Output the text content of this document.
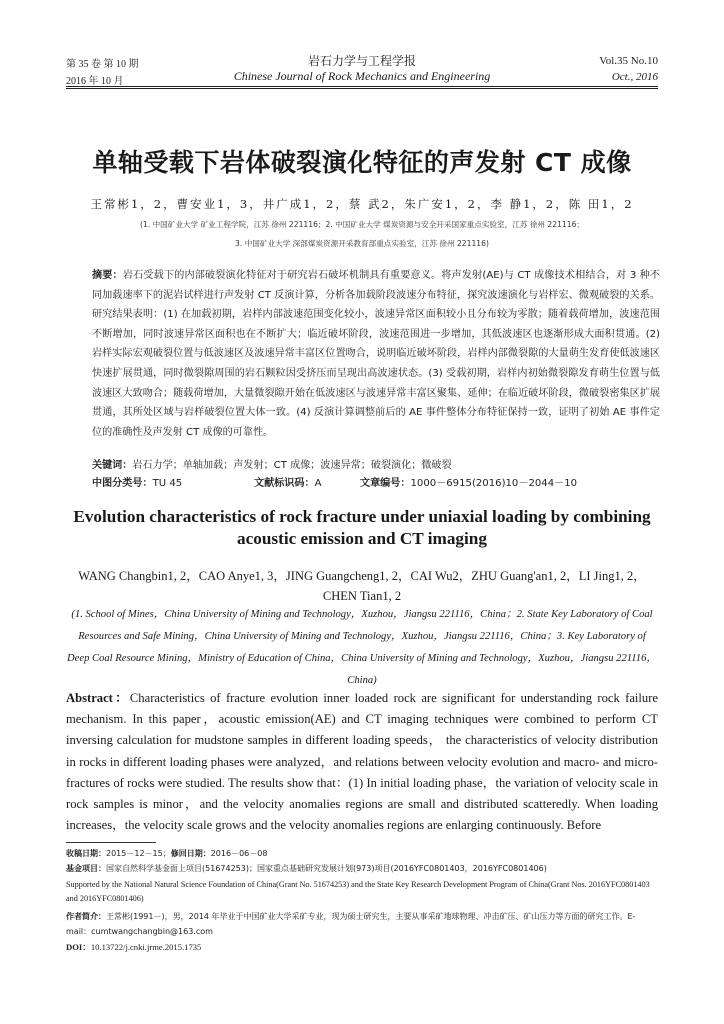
第 35 卷 第 10 期
2016 年 10 月
岩石力学与工程学报
Chinese Journal of Rock Mechanics and Engineering
Vol.35 No.10
Oct., 2016
单轴受载下岩体破裂演化特征的声发射 CT 成像
王常彬1，2，曹安业1，3，井广成1，2，蔡 武2，朱广安1，2，李 静1，2，陈 田1，2
(1. 中国矿业大学 矿业工程学院，江苏 徐州 221116；2. 中国矿业大学 煤炭资源与安全开采国家重点实验室，江苏 徐州 221116；
3. 中国矿业大学 深部煤炭资源开采教育部重点实验室，江苏 徐州 221116)
摘要：岩石受载下的内部破裂演化特征对于研究岩石破坏机制具有重要意义。将声发射(AE)与 CT 成像技术相结合，对 3 种不同加载速率下的泥岩试样进行声发射 CT 反演计算，分析各加载阶段波速分布特征，探究波速演化与岩样宏、微观破裂的关系。研究结果表明：(1) 在加载初期，岩样内部波速范围变化较小，波速异常区面积较小且分布较为零散；随着载荷增加，波速范围不断增加，同时波速异常区面积也在不断扩大；临近破坏阶段，波速范围进一步增加，其低波速区也逐渐形成大面积贯通。(2) 岩样实际宏观破裂位置与低波速区及波速异常丰富区位置吻合，说明临近破坏阶段，岩样内部微裂隙的大量萌生发育使低波速区快速扩展贯通，同时微裂隙周围的岩石颗粒因受挤压而呈现出高波速状态。(3) 受载初期，岩样内初始微裂隙发育萌生位置与低波速区大致吻合；随载荷增加，大量微裂隙开始在低波速区与波速异常丰富区聚集、延伸；在临近破坏阶段，微破裂密集区扩展贯通，其所处区域与岩样破裂位置大体一致。(4) 反演计算调整前后的 AE 事件整体分布特征保持一致，证明了初始 AE 事件定位的准确性及声发射 CT 成像的可靠性。
关键词：岩石力学；单轴加载；声发射；CT 成像；波速异常；破裂演化；微破裂
中图分类号：TU 45	文献标识码：A	文章编号：1000－6915(2016)10－2044－10
Evolution characteristics of rock fracture under uniaxial loading by combining
acoustic emission and CT imaging
WANG Changbin1, 2，CAO Anye1, 3，JING Guangcheng1, 2，CAI Wu2，ZHU Guang'an1, 2，LI Jing1, 2，
CHEN Tian1, 2
(1. School of Mines，China University of Mining and Technology，Xuzhou，Jiangsu 221116，China；2. State Key Laboratory of Coal Resources and Safe Mining，China University of Mining and Technology，Xuzhou，Jiangsu 221116，China；3. Key Laboratory of Deep Coal Resource Mining，Ministry of Education of China，China University of Mining and Technology，Xuzhou，Jiangsu 221116，China)
Abstract：Characteristics of fracture evolution inner loaded rock are significant for understanding rock failure mechanism. In this paper，acoustic emission(AE) and CT imaging techniques were combined to perform CT inversing calculation for mudstone samples in different loading speeds， the characteristics of velocity distribution in rocks in different loading phases were analyzed，and relations between velocity evolution and macro- and micro-fractures of rocks were studied. The results show that：(1) In initial loading phase，the variation of velocity scale in rock samples is minor，and the velocity anomalies regions are small and distributed scatteredly. When loading increases，the velocity scale grows and the velocity anomalies regions are enlarging continuously. Before
收稿日期：2015－12－15；修回日期：2016－06－08
基金项目：国家自然科学基金面上项目(51674253)；国家重点基础研究发展计划(973)项目(2016YFC0801403，2016YFC0801406)
Supported by the National Natural Science Foundation of China(Grant No. 51674253) and the State Key Research Development Program of China(Grant Nos. 2016YFC0801403 and 2016YFC0801406)
作者简介：王常彬(1991－)，男，2014 年毕业于中国矿业大学采矿专业，现为硕士研究生，主要从事采矿地球物理、冲击矿压、矿山压力等方面的研究工作。E-mail：cumtwangchangbin@163.com
DOI：10.13722/j.cnki.jrme.2015.1735
